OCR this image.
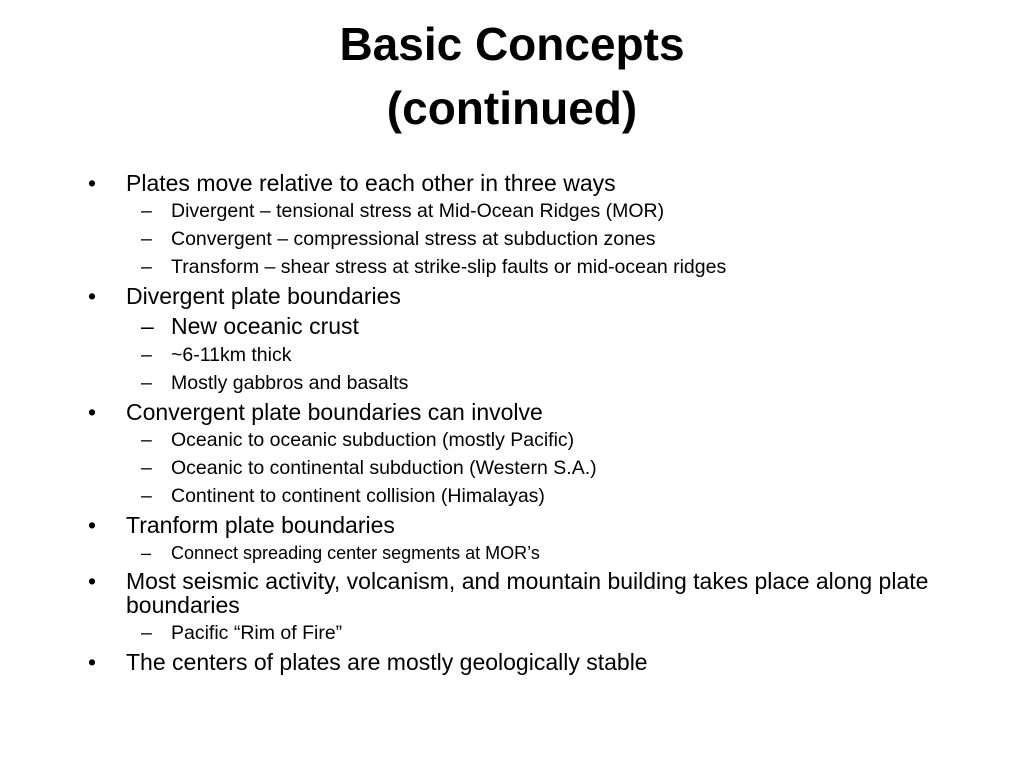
Basic Concepts
(continued)
•	Plates move relative to each other in three ways
– Divergent – tensional stress at Mid-Ocean Ridges (MOR)
– Convergent – compressional stress at subduction zones
– Transform – shear stress at strike-slip faults or mid-ocean ridges
•	Divergent plate boundaries
– New oceanic crust
– ~6-11km thick
– Mostly gabbros and basalts
•	Convergent plate boundaries can involve
– Oceanic to oceanic subduction (mostly Pacific)
– Oceanic to continental subduction (Western S.A.)
– Continent to continent collision (Himalayas)
•	Tranform plate boundaries
– Connect spreading center segments at MOR’s
•	Most seismic activity, volcanism, and mountain building takes place along plate boundaries
– Pacific “Rim of Fire”
•	The centers of plates are mostly geologically stable
